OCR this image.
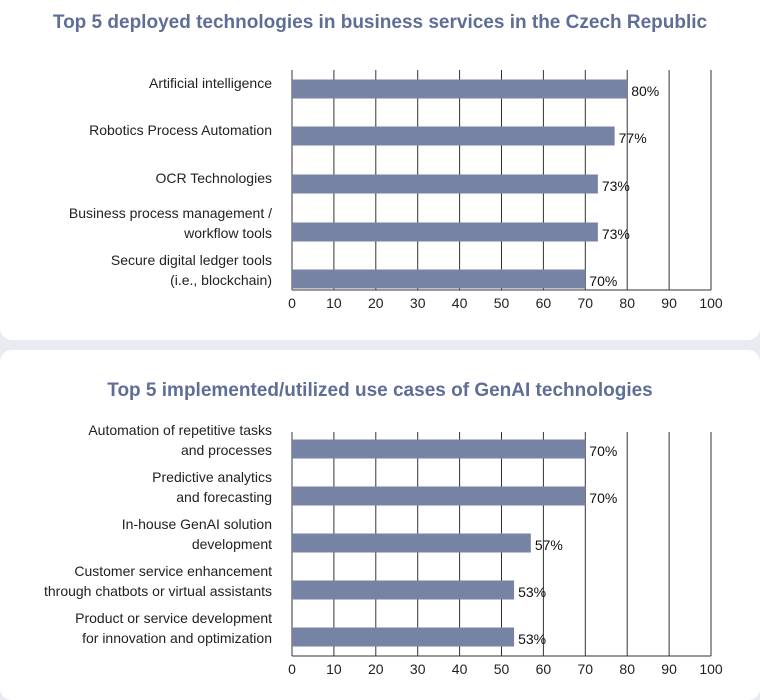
Top 5 deployed technologies in business services in the Czech Republic
80%
Artificial intelligence
77%
Robotics Process Automation
73%
OCR Technologies
73%
Business process management /
workflow tools
70%
Secure digital ledger tools
(i.e., blockchain)
0 10 20 30 40 50 60 70 80 90 100
Top 5 implemented/utilized use cases of GenAI technologies
70%
Automation of repetitive tasks
and processes
70%
Predictive analytics
and forecasting
57%
In-house GenAI solution
development
53%
Customer service enhancement
through chatbots or virtual assistants
53%
Product or service development
for innovation and optimization
0 10 20 30 40 50 60 70 80 90 100
